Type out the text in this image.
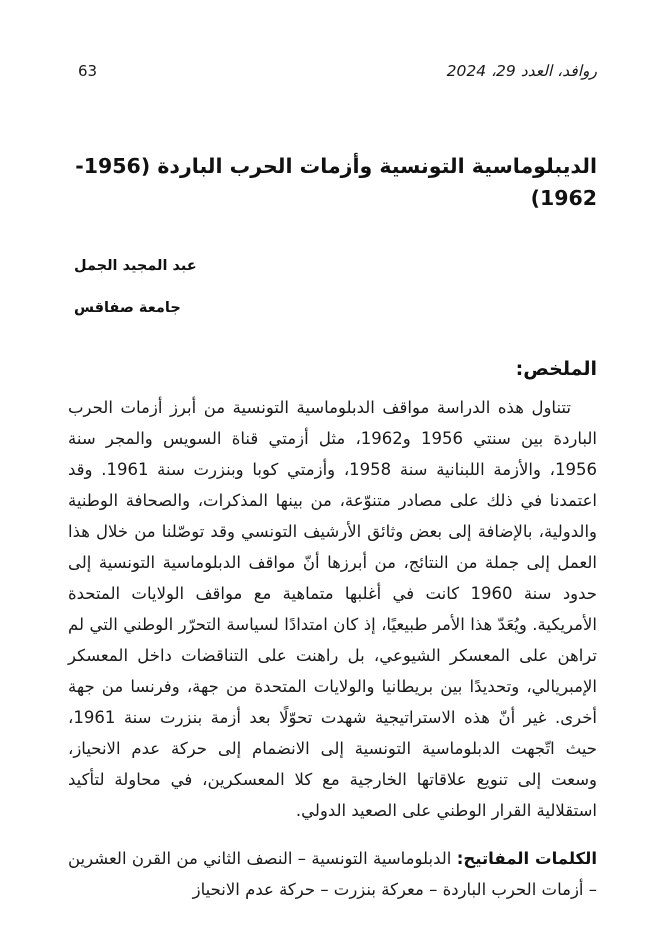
63	روافد، العدد 29، 2024
الديبلوماسية التونسية وأزمات الحرب الباردة (1956-1962)
عبد المجيد الجمل
جامعة صفاقس
الملخص:

تتناول هذه الدراسة مواقف الدبلوماسية التونسية من أبرز أزمات الحرب الباردة بين سنتي 1956 و1962، مثل أزمتي قناة السويس والمجر سنة 1956، والأزمة اللبنانية سنة 1958، وأزمتي كوبا وبنزرت سنة 1961. وقد اعتمدنا في ذلك على مصادر متنوّعة، من بينها المذكرات، والصحافة الوطنية والدولية، بالإضافة إلى بعض وثائق الأرشيف التونسي وقد توصّلنا من خلال هذا العمل إلى جملة من النتائج، من أبرزها أنّ مواقف الدبلوماسية التونسية إلى حدود سنة 1960 كانت في أغلبها متماهية مع مواقف الولايات المتحدة الأمريكية. ويُعَدّ هذا الأمر طبيعيًا، إذ كان امتدادًا لسياسة التحرّر الوطني التي لم تراهن على المعسكر الشيوعي، بل راهنت على التناقضات داخل المعسكر الإمبريالي، وتحديدًا بين بريطانيا والولايات المتحدة من جهة، وفرنسا من جهة أخرى. غير أنّ هذه الاستراتيجية شهدت تحوّلًا بعد أزمة بنزرت سنة 1961، حيث اتّجهت الدبلوماسية التونسية إلى الانضمام إلى حركة عدم الانحياز، وسعت إلى تنويع علاقاتها الخارجية مع كلا المعسكرين، في محاولة لتأكيد استقلالية القرار الوطني على الصعيد الدولي.

الكلمات المفاتيح: الدبلوماسية التونسية – النصف الثاني من القرن العشرين – أزمات الحرب الباردة – معركة بنزرت – حركة عدم الانحياز
